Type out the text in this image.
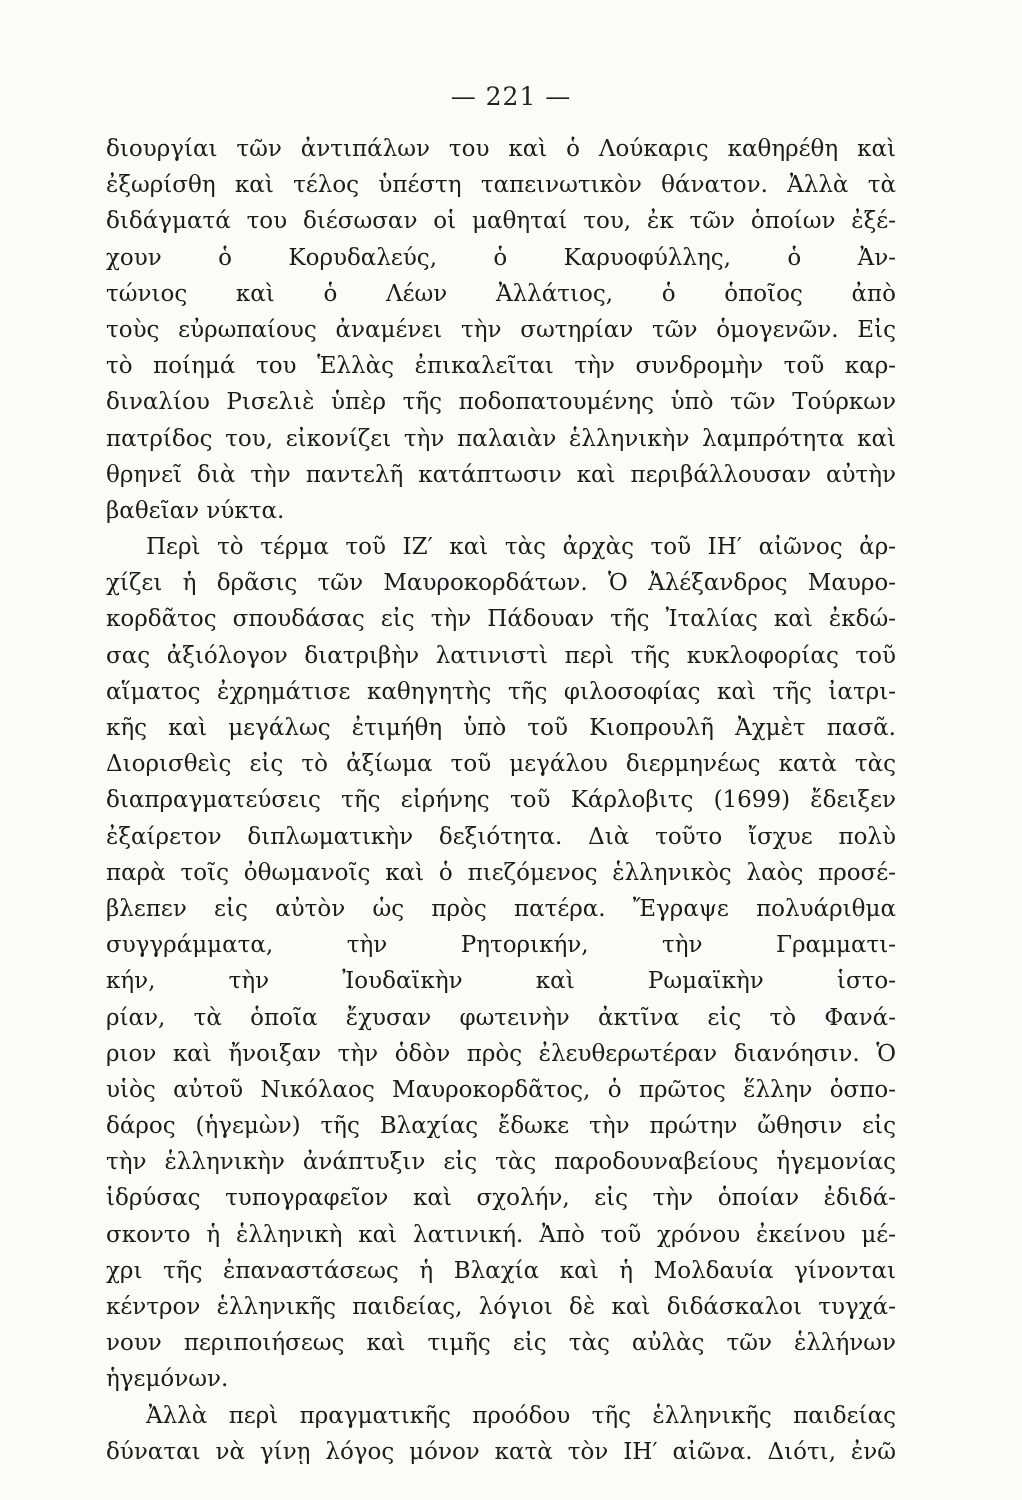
— 221 —
διουργίαι τῶν ἀντιπάλων του καὶ ὁ Λούκαρις καθηρέθη καὶ
ἐξωρίσθη καὶ τέλος ὑπέστη ταπεινωτικὸν θάνατον. Ἀλλὰ τὰ
διδάγματά του διέσωσαν οἱ μαθηταί του, ἐκ τῶν ὁποίων ἐξέ-
χουν ὁ Κορυδαλεύς, ὁ Καρυοφύλλης, ὁ Ἀν-
τώνιος καὶ ὁ Λέων Ἀλλάτιος, ὁ ὁποῖος ἀπὸ
τοὺς εὐρωπαίους ἀναμένει τὴν σωτηρίαν τῶν ὁμογενῶν. Εἰς
τὸ ποίημά του Ἑλλὰς ἐπικαλεῖται τὴν συνδρομὴν τοῦ καρ-
διναλίου Ρισελιὲ ὑπὲρ τῆς ποδοπατουμένης ὑπὸ τῶν Τούρκων
πατρίδος του, εἰκονίζει τὴν παλαιὰν ἑλληνικὴν λαμπρότητα καὶ
θρηνεῖ διὰ τὴν παντελῆ κατάπτωσιν καὶ περιβάλλουσαν αὐτὴν
βαθεῖαν νύκτα.
Περὶ τὸ τέρμα τοῦ ΙΖ′ καὶ τὰς ἀρχὰς τοῦ ΙΗ′ αἰῶνος ἀρ-
χίζει ἡ δρᾶσις τῶν Μαυροκορδάτων. Ὁ Ἀλέξανδρος Μαυρο-
κορδᾶτος σπουδάσας εἰς τὴν Πάδουαν τῆς Ἰταλίας καὶ ἐκδώ-
σας ἀξιόλογον διατριβὴν λατινιστὶ περὶ τῆς κυκλοφορίας τοῦ
αἵματος ἐχρημάτισε καθηγητὴς τῆς φιλοσοφίας καὶ τῆς ἰατρι-
κῆς καὶ μεγάλως ἐτιμήθη ὑπὸ τοῦ Κιοπρουλῆ Ἀχμὲτ πασᾶ.
Διορισθεὶς εἰς τὸ ἀξίωμα τοῦ μεγάλου διερμηνέως κατὰ τὰς
διαπραγματεύσεις τῆς εἰρήνης τοῦ Κάρλοβιτς (1699) ἔδειξεν
ἐξαίρετον διπλωματικὴν δεξιότητα. Διὰ τοῦτο ἴσχυε πολὺ
παρὰ τοῖς ὀθωμανοῖς καὶ ὁ πιεζόμενος ἑλληνικὸς λαὸς προσέ-
βλεπεν εἰς αὐτὸν ὡς πρὸς πατέρα. Ἔγραψε πολυάριθμα
συγγράμματα, τὴν Ρητορικήν, τὴν Γραμματι-
κήν, τὴν Ἰουδαϊκὴν καὶ Ρωμαϊκὴν ἱστο-
ρίαν, τὰ ὁποῖα ἔχυσαν φωτεινὴν ἀκτῖνα εἰς τὸ Φανά-
ριον καὶ ἤνοιξαν τὴν ὁδὸν πρὸς ἐλευθερωτέραν διανόησιν. Ὁ
υἱὸς αὐτοῦ Νικόλαος Μαυροκορδᾶτος, ὁ πρῶτος ἕλλην ὁσπο-
δάρος (ἡγεμὼν) τῆς Βλαχίας ἔδωκε τὴν πρώτην ὤθησιν εἰς
τὴν ἑλληνικὴν ἀνάπτυξιν εἰς τὰς παροδουναβείους ἡγεμονίας
ἱδρύσας τυπογραφεῖον καὶ σχολήν, εἰς τὴν ὁποίαν ἐδιδά-
σκοντο ἡ ἑλληνικὴ καὶ λατινική. Ἀπὸ τοῦ χρόνου ἐκείνου μέ-
χρι τῆς ἐπαναστάσεως ἡ Βλαχία καὶ ἡ Μολδαυία γίνονται
κέντρον ἑλληνικῆς παιδείας, λόγιοι δὲ καὶ διδάσκαλοι τυγχά-
νουν περιποιήσεως καὶ τιμῆς εἰς τὰς αὐλὰς τῶν ἑλλήνων
ἡγεμόνων.
Ἀλλὰ περὶ πραγματικῆς προόδου τῆς ἑλληνικῆς παιδείας
δύναται νὰ γίνῃ λόγος μόνον κατὰ τὸν ΙΗ′ αἰῶνα. Διότι, ἐνῶ
